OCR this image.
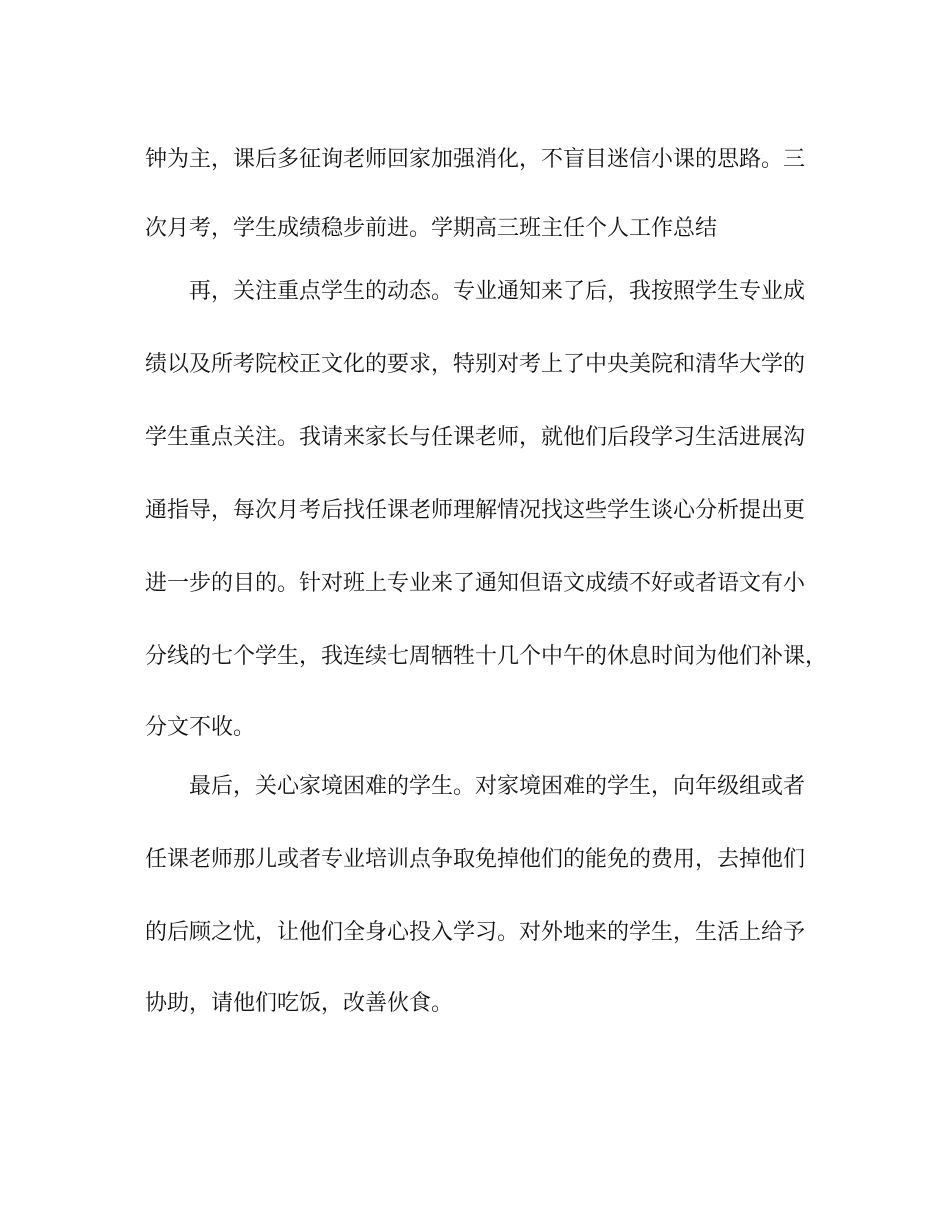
钟为主，课后多征询老师回家加强消化，不盲目迷信小课的思路。三
次月考，学生成绩稳步前进。学期高三班主任个人工作总结
再，关注重点学生的动态。专业通知来了后，我按照学生专业成
绩以及所考院校正文化的要求，特别对考上了中央美院和清华大学的
学生重点关注。我请来家长与任课老师，就他们后段学习生活进展沟
通指导，每次月考后找任课老师理解情况找这些学生谈心分析提出更
进一步的目的。针对班上专业来了通知但语文成绩不好或者语文有小
分线的七个学生，我连续七周牺牲十几个中午的休息时间为他们补课，
分文不收。
最后，关心家境困难的学生。对家境困难的学生，向年级组或者
任课老师那儿或者专业培训点争取免掉他们的能免的费用，去掉他们
的后顾之忧，让他们全身心投入学习。对外地来的学生，生活上给予
协助，请他们吃饭，改善伙食。
